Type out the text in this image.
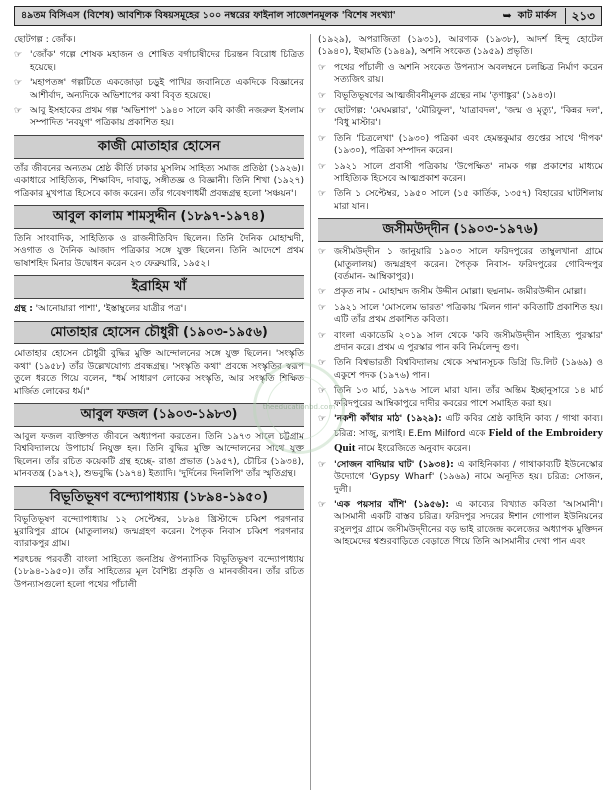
৪৯তম বিসিএস (বিশেষ) আবশ্যিক বিষয়সমূহের ১০০ নম্বরের ফাইনাল সাজেশনমূলক 'বিশেষ সংখ্যা'	➥ কাট মার্কস	২১৩

ছোটগল্প : জোঁক।

☞ 'জোঁক' গল্পে শোষক মহাজন ও শোষিত বর্গাচাষীদের চিরন্তন বিরোধ চিত্রিত হয়েছে।
☞ 'মহাপতঙ্গ' গল্পটিতে একজোড়া চড়ুই পাখির জবানিতে একদিকে বিজ্ঞানের আশীর্বাদ, অন্যদিকে অভিশাপের কথা বিবৃত হয়েছে।
☞ আবু ইসহাকের প্রথম গল্প 'অভিশাপ' ১৯৪০ সালে কবি কাজী নজরুল ইসলাম সম্পাদিত 'নবযুগ' পত্রিকায় প্রকাশিত হয়।
কাজী মোতাহার হোসেন

তাঁর জীবনের অন্যতম শ্রেষ্ঠ কীর্তি ঢাকার মুসলিম সাহিত্য সমাজ প্রতিষ্ঠা (১৯২৬)। একাধারে সাহিত্যিক, শিক্ষাবিদ, দাবাড়ু, সঙ্গীতজ্ঞ ও বিজ্ঞানী। তিনি শিখা (১৯২৭) পত্রিকার মুখপাত্র হিসেবে কাজ করেন। তাঁর গবেষণাধর্মী প্রবন্ধগ্রন্থ হলো 'সঞ্চয়ন'।

আবুল কালাম শামসুদ্দীন (১৮৯৭-১৯৭৪)

তিনি সাংবাদিক, সাহিত্যিক ও রাজনীতিবিদ ছিলেন। তিনি দৈনিক মোহাম্মদী, সওগাত ও দৈনিক আজাদ পত্রিকার সঙ্গে যুক্ত ছিলেন। তিনি আদেশে প্রথম ভাষাশহিদ মিনার উদ্বোধন করেন ২৩ ফেব্রুয়ারি, ১৯৫২।

ইব্রাহিম খাঁ

গ্রন্থ : 'আনোয়ারা পাশা', 'ইস্তাম্বুলের যাত্রীর পত্র'।

মোতাহার হোসেন চৌধুরী (১৯০৩-১৯৫৬)

মোতাহার হোসেন চৌধুরী বুদ্ধির মুক্তি আন্দোলনের সঙ্গে যুক্ত ছিলেন। 'সংস্কৃতি কথা' (১৯৫৮) তাঁর উল্লেখযোগ্য প্রবন্ধগ্রন্থ। 'সংস্কৃতি কথা' প্রবন্ধে সংস্কৃতির স্বরূপ তুলে ধরতে গিয়ে বলেন, "ধর্ম সাধারণ লোকের সংস্কৃতি, আর সংস্কৃতি শিক্ষিত মার্জিত লোকের ধর্ম।"

আবুল ফজল (১৯০৩-১৯৮৩)

আবুল ফজল ব্যক্তিগত জীবনে অধ্যাপনা করতেন। তিনি ১৯৭৩ সালে চট্টগ্রাম বিশ্ববিদ্যালয়ে উপাচার্য নিযুক্ত হন। তিনি বুদ্ধির মুক্তি আন্দোলনের সাথে যুক্ত ছিলেন। তাঁর রচিত কয়েকটি গ্রন্থ হচ্ছে- রাঙা প্রভাত (১৯৫৭), চৌচির (১৯৩৪), মানবতন্ত্র (১৯৭২), শুভবুদ্ধি (১৯৭৪) ইত্যাদি। 'দুর্দিনের দিনলিপি' তাঁর স্মৃতিগ্রন্থ।

বিভূতিভূষণ বন্দ্যোপাধ্যায় (১৮৯৪-১৯৫০)

বিভূতিভূষণ বন্দ্যোপাধ্যায় ১২ সেপ্টেম্বর, ১৮৯৪ খ্রিস্টাব্দে চব্বিশ পরগনার মুরারিপুর গ্রামে (মাতুলালয়) জন্মগ্রহণ করেন। পৈতৃক নিবাস চব্বিশ পরগনার ব্যারাকপুর গ্রাম।

শরৎচন্দ্র পরবর্তী বাংলা সাহিত্যে জনপ্রিয় ঔপন্যাসিক বিভূতিভূষণ বন্দ্যোপাধ্যায় (১৮৯৪-১৯৫০)। তাঁর সাহিত্যের মূল বৈশিষ্ট্য প্রকৃতি ও মানবজীবন। তাঁর রচিত উপন্যাসগুলো হলো পথের পাঁচালী

(১৯২৯), অপরাজিতা (১৯৩১), আরণ্যক (১৯৩৮), আদর্শ হিন্দু হোটেল (১৯৪০), ইছামতি (১৯৪৯), অশনি সংকেত (১৯৫৯) প্রভৃতি।

☞ পথের পাঁচালী ও অশনি সংকেত উপন্যাস অবলম্বনে চলচ্চিত্র নির্মাণ করেন সত্যজিৎ রায়।
☞ বিভূতিভূষণের আত্মজীবনীমূলক গ্রন্থের নাম 'তৃণাঙ্কুর' (১৯৪৩)।
☞ ছোটগল্প: 'মেঘমল্লার', 'মৌরিফুল', 'যাত্রাবদল', 'জন্ম ও মৃত্যু', 'কিন্নর দল', 'বিধু মাস্টার'।
☞ তিনি 'চিত্রলেখা' (১৯৩০) পত্রিকা এবং হেমন্তকুমার গুপ্তের সাথে 'দীপক' (১৯৩০), পত্রিকা সম্পাদন করেন।
☞ ১৯২১ সালে প্রবাসী পত্রিকায় 'উপেক্ষিত' নামক গল্প প্রকাশের মাধ্যমে সাহিত্যিক হিসেবে আত্মপ্রকাশ করেন।
☞ তিনি ১ সেপ্টেম্বর, ১৯৫০ সালে (১৫ কার্তিক, ১৩৫৭) বিহারের ঘাটশিলায় মারা যান।
জসীমউদ্‌দীন (১৯০৩-১৯৭৬)
☞ জসীমউদ্‌দীন ১ জানুয়ারি ১৯০৩ সালে ফরিদপুরের তাম্বুলখানা গ্রামে (মাতুলালয়) জন্মগ্রহণ করেন। পৈতৃক নিবাস- ফরিদপুরের গোবিন্দপুর (বর্তমান- আম্বিকাপুর)।
☞ প্রকৃত নাম - মোহাম্মদ জসীম উদ্দীন মোল্লা। ছদ্মনাম- জমীরউদ্দীন মোল্লা।
☞ ১৯২১ সালে 'মোসলেম ভারত' পত্রিকায় 'মিলন গান' কবিতাটি প্রকাশিত হয়। এটি তাঁর প্রথম প্রকাশিত কবিতা।
☞ বাংলা একাডেমি ২০১৯ সাল থেকে 'কবি জসীমউদ্‌দীন সাহিত্য পুরস্কার' প্রদান করে। প্রথম এ পুরস্কার পান কবি নির্মলেন্দু গুণ।
☞ তিনি বিশ্বভারতী বিশ্ববিদ্যালয় থেকে সম্মানসূচক ডিগ্রি ডি.লিট (১৯৬৯) ও একুশে পদক (১৯৭৬) পান।
☞ তিনি ১৩ মার্চ, ১৯৭৬ সালে মারা যান। তাঁর অন্তিম ইচ্ছানুসারে ১৪ মার্চ ফরিদপুরের আম্বিকাপুরে দাদীর কবরের পাশে সমাহিত করা হয়।
☞ 'নকশী কাঁথার মাঠ' (১৯২৯): এটি কবির শ্রেষ্ঠ কাহিনি কাব্য / গাথা কাব্য। চরিত্র: সাজু, রূপাই। E.Em Milford একে Field of the Embroidery Quit নামে ইংরেজিতে অনুবাদ করেন।
☞ 'সোজন বাদিয়ার ঘাট' (১৯৩৪): এ কাহিনিকাব্য / গাথাকাব্যটি ইউনেস্কোর উদ্যোগে 'Gypsy Wharf' (১৯৬৯) নামে অনূদিত হয়। চরিত্র: সোজন, দুলী।
☞ 'এক পয়সার বাঁশি' (১৯৫৬): এ কাব্যের বিখ্যাত কবিতা 'আসমানী'। আসমানী একটি বাস্তব চরিত্র। ফরিদপুর সদরের ঈশান গোপাল ইউনিয়নের রসুলপুর গ্রামে জসীমউদ্‌দীনের বড় ভাই রাজেন্দ্র কলেজের অধ্যাপক মুক্তিদন আহমেদের শ্বশুরবাড়িতে বেড়াতে গিয়ে তিনি আসমানীর দেখা পান এবং
theeducationbd.com
